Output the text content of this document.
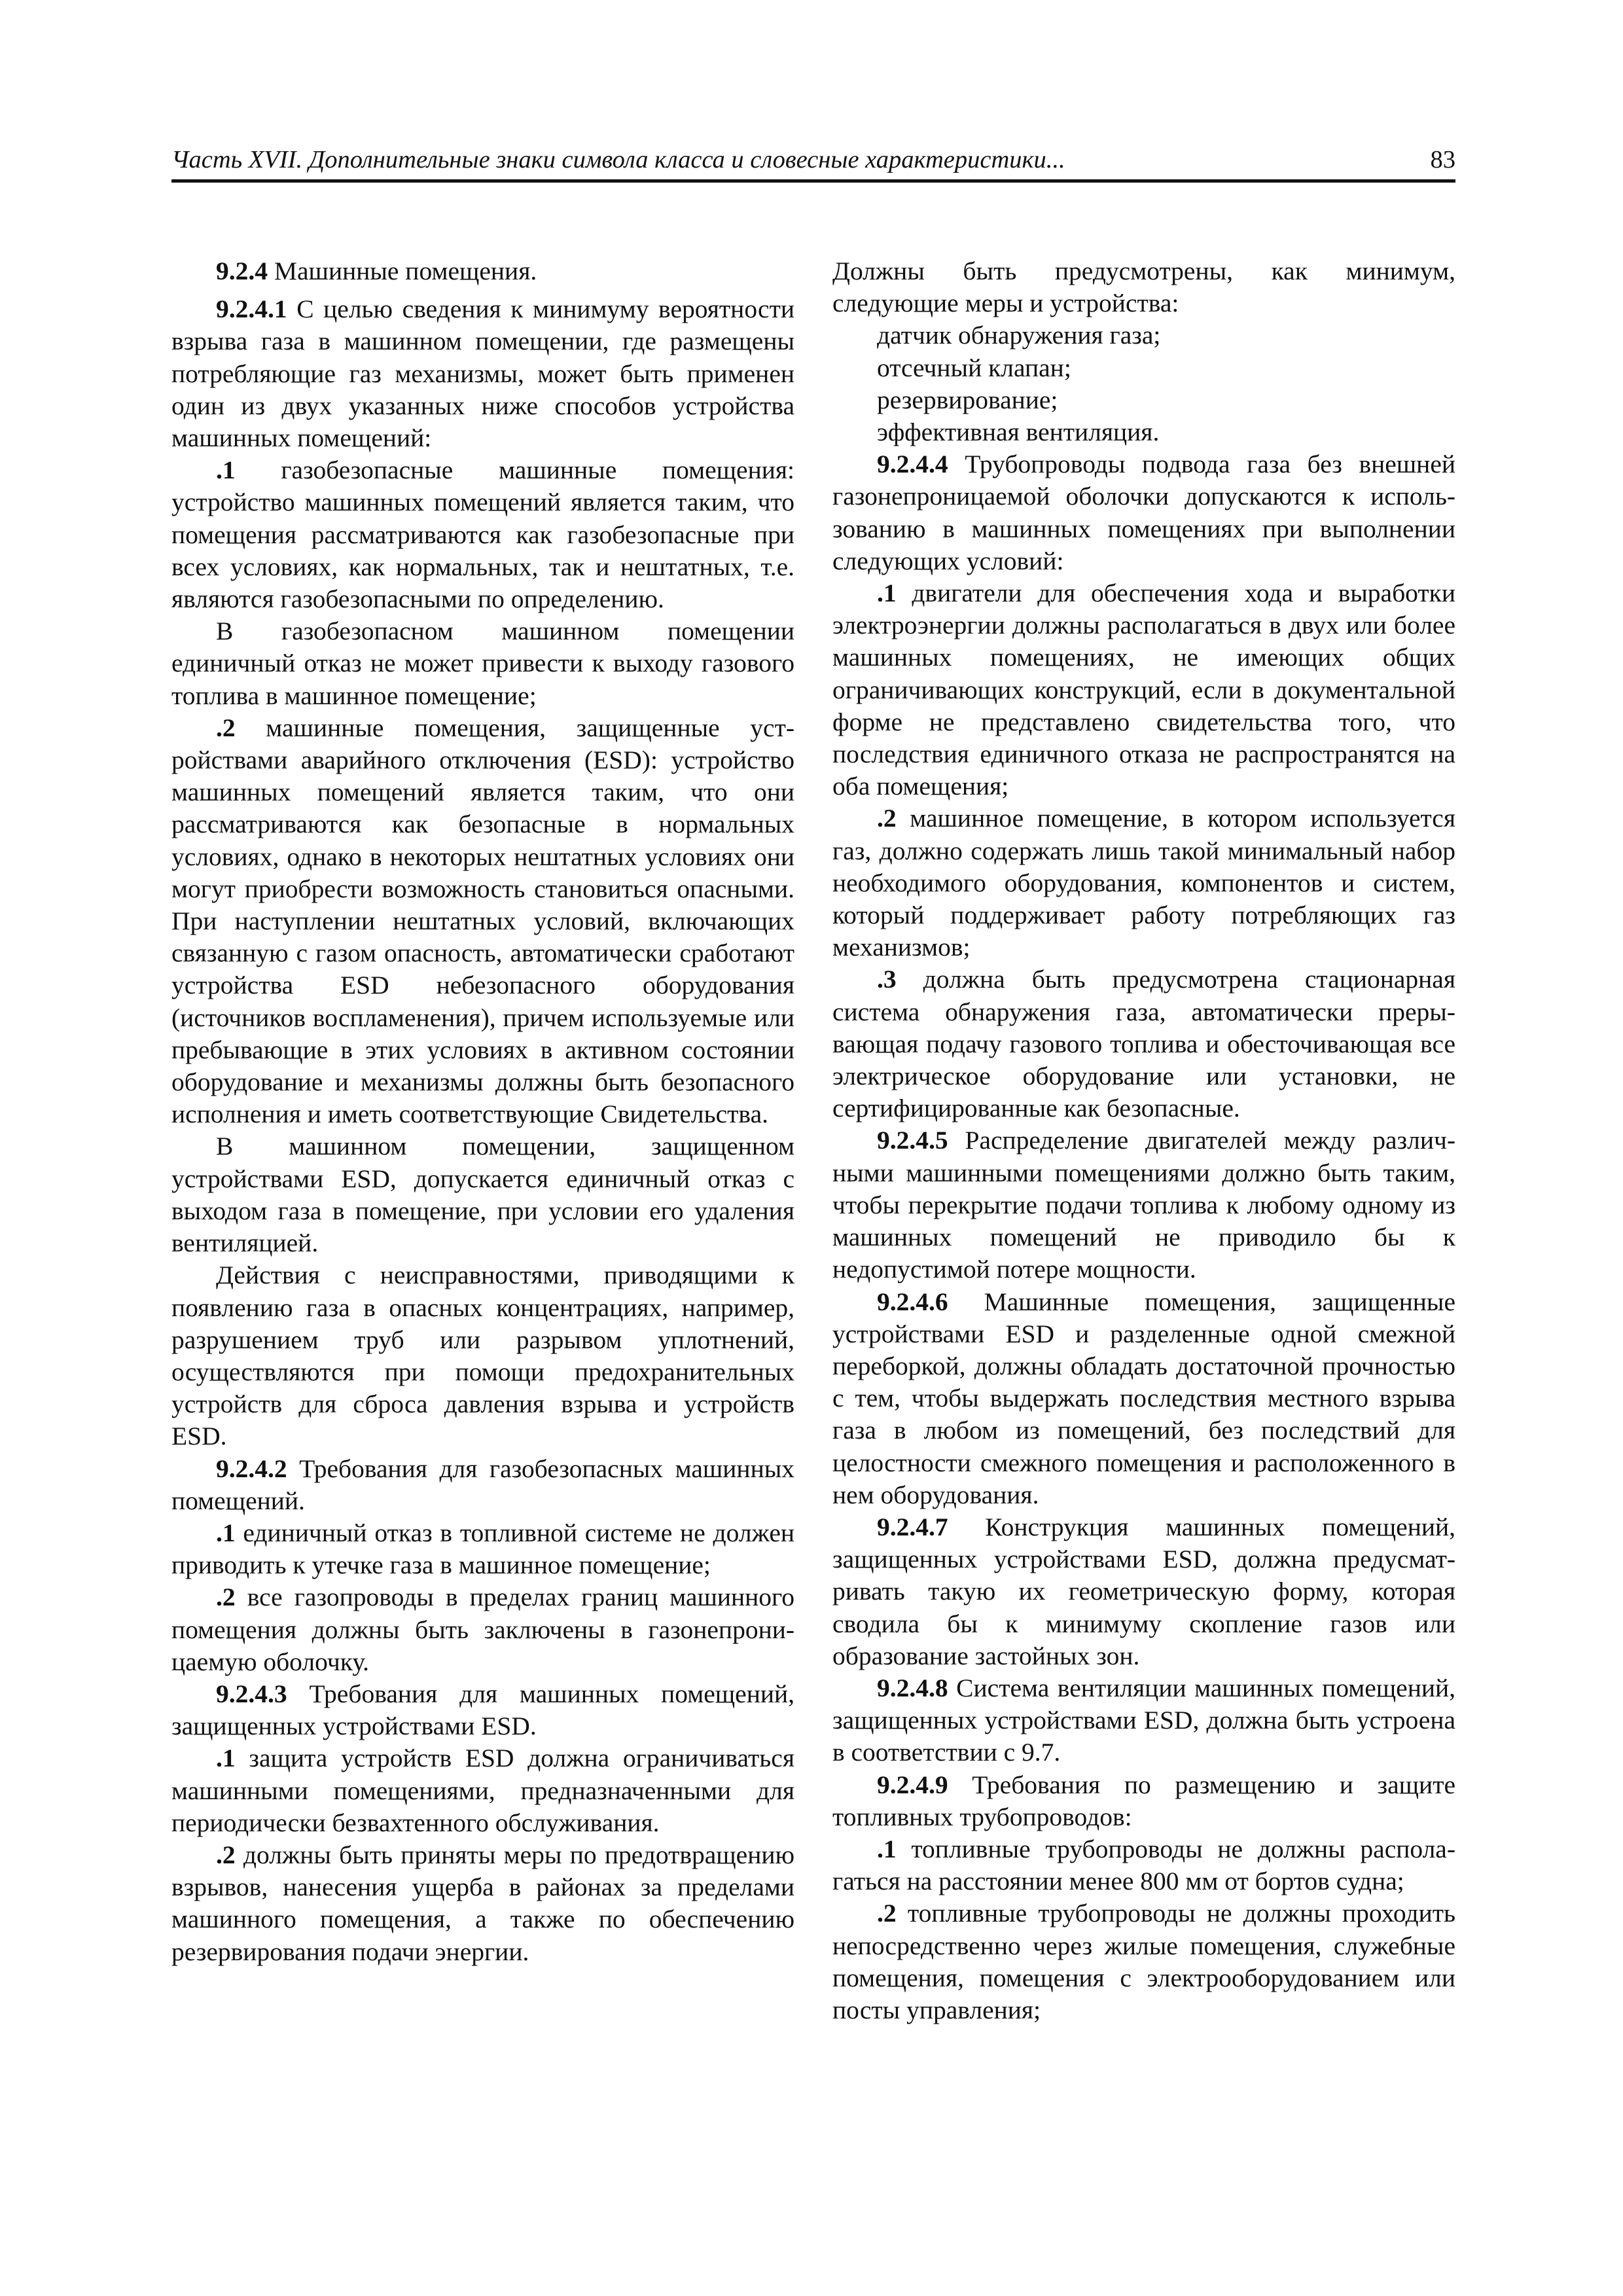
Часть XVII. Дополнительные знаки символа класса и словесные характеристики...	83

9.2.4 Машинные помещения.

9.2.4.1 С целью сведения к минимуму вероятности взрыва газа в машинном помещении, где размещены потребляющие газ механизмы, может быть применен один из двух указанных ниже способов устройства машинных помещений:

.1 газобезопасные машинные помещения: устройство машинных помещений является таким, что помещения рассматриваются как газобезопасные при всех условиях, как нормальных, так и нештатных, т.е. являются газобезопасными по определению.

В газобезопасном машинном помещении единичный отказ не может привести к выходу газового топлива в машинное помещение;

.2 машинные помещения, защищенные устройствами аварийного отключения (ESD): устройство машинных помещений является таким, что они рассматриваются как безопасные в нормальных условиях, однако в некоторых нештатных условиях они могут приобрести возможность становиться опасными. При наступлении нештатных условий, включающих связанную с газом опасность, автоматически сработают устройства ESD небезопасного оборудования (источников воспламенения), причем используемые или пребывающие в этих условиях в активном состоянии оборудование и механизмы должны быть безопасного исполнения и иметь соответствующие Свидетельства.

В машинном помещении, защищенном устройствами ESD, допускается единичный отказ с выходом газа в помещение, при условии его удаления вентиляцией.

Действия с неисправностями, приводящими к появлению газа в опасных концентрациях, например, разрушением труб или разрывом уплотнений, осуществляются при помощи предохранительных устройств для сброса давления взрыва и устройств ESD.

9.2.4.2 Требования для газобезопасных машинных помещений.

.1 единичный отказ в топливной системе не должен приводить к утечке газа в машинное помещение;

.2 все газопроводы в пределах границ машинного помещения должны быть заключены в газонепроницаемую оболочку.

9.2.4.3 Требования для машинных помещений, защищенных устройствами ESD.

.1 защита устройств ESD должна ограничиваться машинными помещениями, предназначенными для периодически безвахтенного обслуживания.

.2 должны быть приняты меры по предотвращению взрывов, нанесения ущерба в районах за пределами машинного помещения, а также по обеспечению резервирования подачи энергии.

Должны быть предусмотрены, как минимум, следующие меры и устройства:

датчик обнаружения газа;

отсечный клапан;

резервирование;

эффективная вентиляция.

9.2.4.4 Трубопроводы подвода газа без внешней газонепроницаемой оболочки допускаются к использованию в машинных помещениях при выполнении следующих условий:

.1 двигатели для обеспечения хода и выработки электроэнергии должны располагаться в двух или более машинных помещениях, не имеющих общих ограничивающих конструкций, если в документальной форме не представлено свидетельства того, что последствия единичного отказа не распространятся на оба помещения;

.2 машинное помещение, в котором используется газ, должно содержать лишь такой минимальный набор необходимого оборудования, компонентов и систем, который поддерживает работу потребляющих газ механизмов;

.3 должна быть предусмотрена стационарная система обнаружения газа, автоматически прерывающая подачу газового топлива и обесточивающая все электрическое оборудование или установки, не сертифицированные как безопасные.

9.2.4.5 Распределение двигателей между различными машинными помещениями должно быть таким, чтобы перекрытие подачи топлива к любому одному из машинных помещений не приводило бы к недопустимой потере мощности.

9.2.4.6 Машинные помещения, защищенные устройствами ESD и разделенные одной смежной переборкой, должны обладать достаточной прочностью с тем, чтобы выдержать последствия местного взрыва газа в любом из помещений, без последствий для целостности смежного помещения и расположенного в нем оборудования.

9.2.4.7 Конструкция машинных помещений, защищенных устройствами ESD, должна предусматривать такую их геометрическую форму, которая сводила бы к минимуму скопление газов или образование застойных зон.

9.2.4.8 Система вентиляции машинных помещений, защищенных устройствами ESD, должна быть устроена в соответствии с 9.7.

9.2.4.9 Требования по размещению и защите топливных трубопроводов:

.1 топливные трубопроводы не должны располагаться на расстоянии менее 800 мм от бортов судна;

.2 топливные трубопроводы не должны проходить непосредственно через жилые помещения, служебные помещения, помещения с электрооборудованием или посты управления;
